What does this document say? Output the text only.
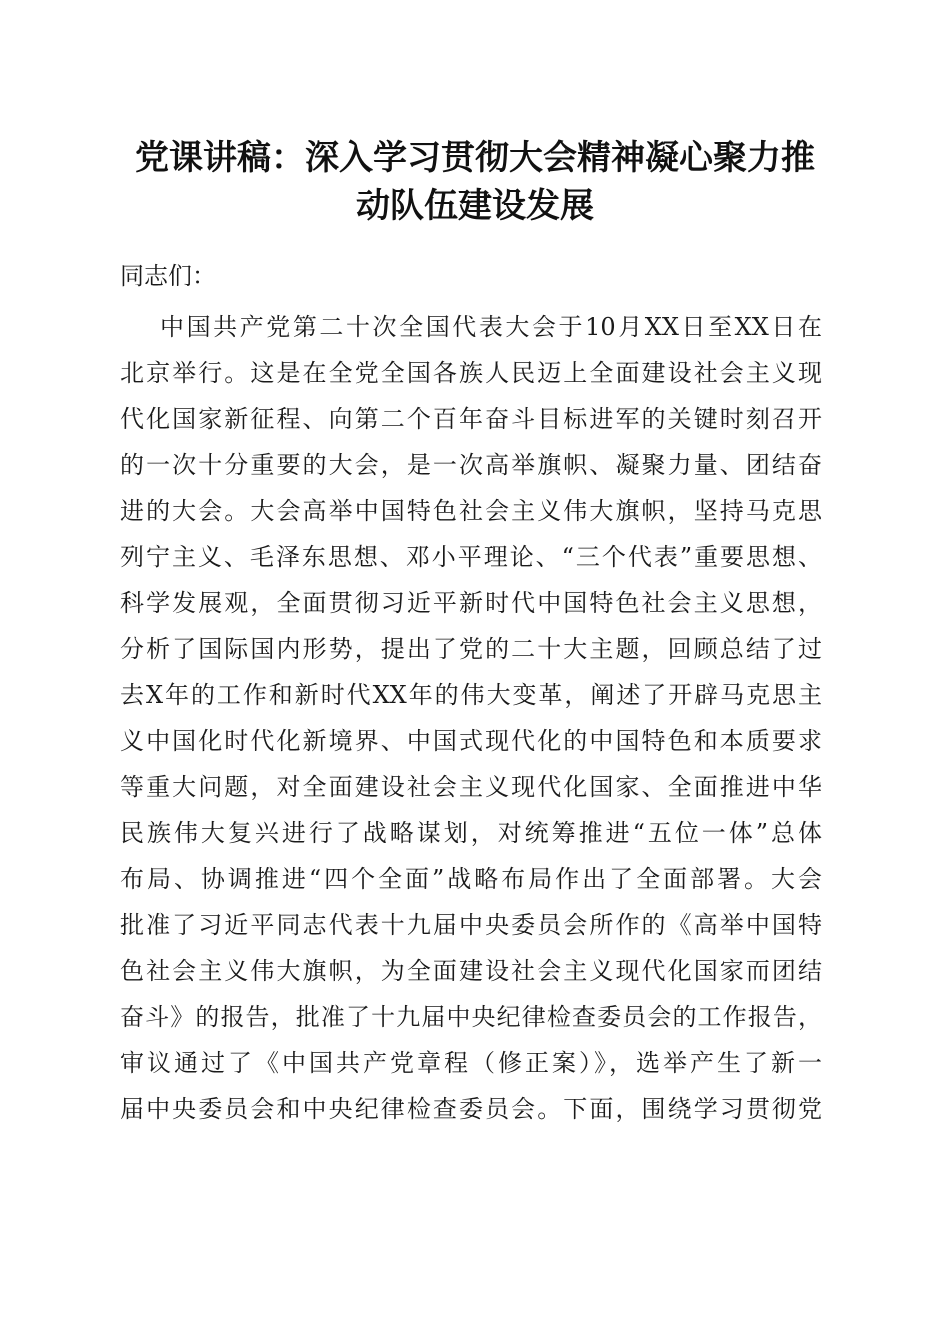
党课讲稿：深入学习贯彻大会精神凝心聚力推
动队伍建设发展
同志们：
中国共产党第二十次全国代表大会于10月XX日至XX日在
北京举行。这是在全党全国各族人民迈上全面建设社会主义现
代化国家新征程、向第二个百年奋斗目标进军的关键时刻召开
的一次十分重要的大会，是一次高举旗帜、凝聚力量、团结奋
进的大会。大会高举中国特色社会主义伟大旗帜，坚持马克思
列宁主义、毛泽东思想、邓小平理论、“三个代表”重要思想、
科学发展观，全面贯彻习近平新时代中国特色社会主义思想，
分析了国际国内形势，提出了党的二十大主题，回顾总结了过
去X年的工作和新时代XX年的伟大变革，阐述了开辟马克思主
义中国化时代化新境界、中国式现代化的中国特色和本质要求
等重大问题，对全面建设社会主义现代化国家、全面推进中华
民族伟大复兴进行了战略谋划，对统筹推进“五位一体”总体
布局、协调推进“四个全面”战略布局作出了全面部署。大会
批准了习近平同志代表十九届中央委员会所作的《高举中国特
色社会主义伟大旗帜，为全面建设社会主义现代化国家而团结
奋斗》的报告，批准了十九届中央纪律检查委员会的工作报告，
审议通过了《中国共产党章程（修正案）》，选举产生了新一
届中央委员会和中央纪律检查委员会。下面，围绕学习贯彻党
